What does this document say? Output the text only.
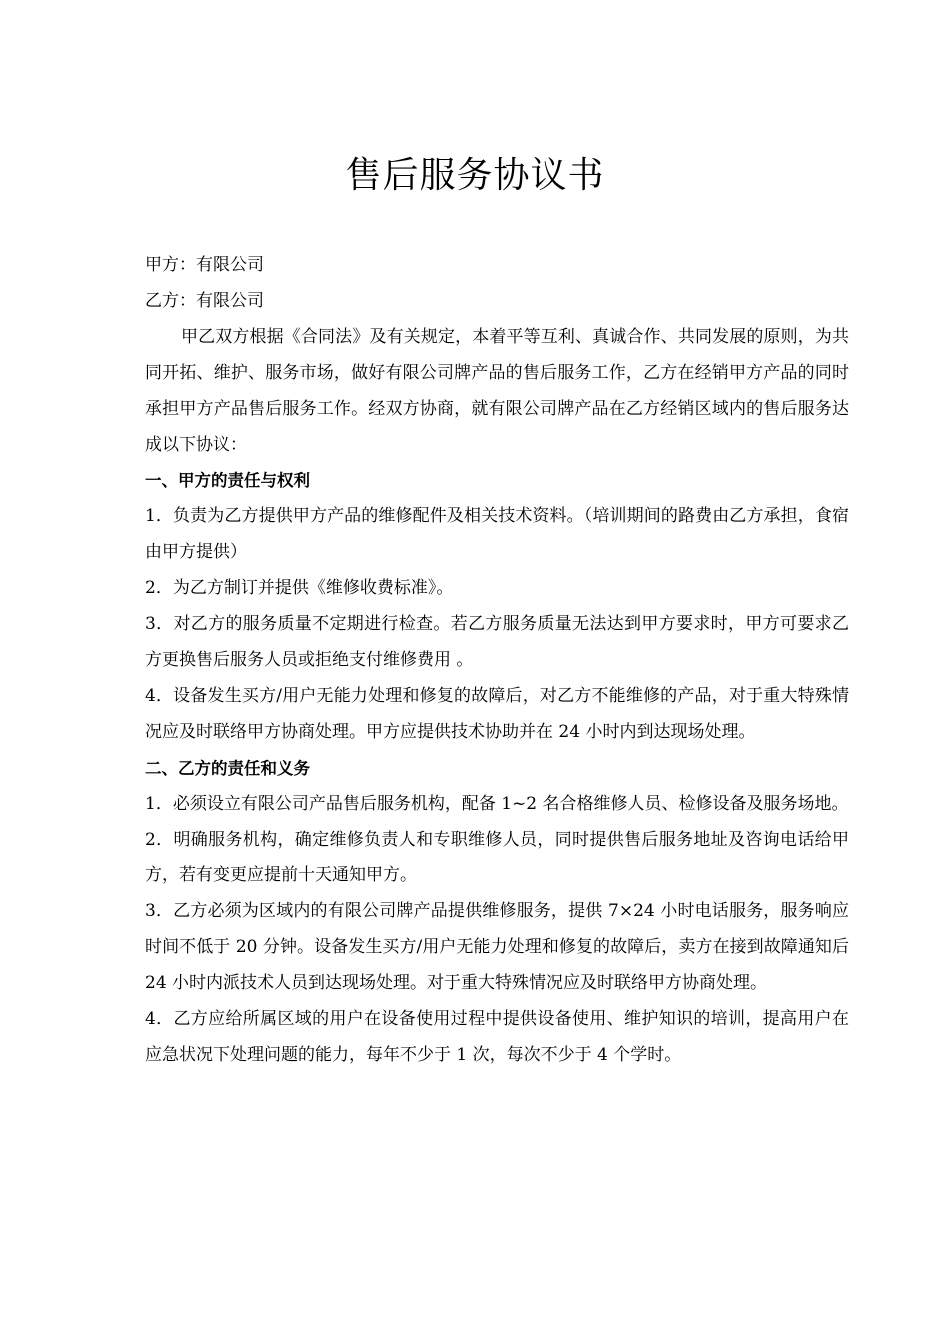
售后服务协议书

甲方：有限公司

乙方：有限公司

甲乙双方根据《合同法》及有关规定，本着平等互利、真诚合作、共同发展的原则，为共同开拓、维护、服务市场，做好有限公司牌产品的售后服务工作，乙方在经销甲方产品的同时承担甲方产品售后服务工作。经双方协商，就有限公司牌产品在乙方经销区域内的售后服务达成以下协议：

一、甲方的责任与权利

1．负责为乙方提供甲方产品的维修配件及相关技术资料。（培训期间的路费由乙方承担，食宿由甲方提供）

2．为乙方制订并提供《维修收费标准》。

3．对乙方的服务质量不定期进行检查。若乙方服务质量无法达到甲方要求时，甲方可要求乙方更换售后服务人员或拒绝支付维修费用 。

4．设备发生买方/用户无能力处理和修复的故障后，对乙方不能维修的产品，对于重大特殊情况应及时联络甲方协商处理。甲方应提供技术协助并在 24 小时内到达现场处理。

二、乙方的责任和义务

1．必须设立有限公司产品售后服务机构，配备 1~2 名合格维修人员、检修设备及服务场地。

2．明确服务机构，确定维修负责人和专职维修人员，同时提供售后服务地址及咨询电话给甲方，若有变更应提前十天通知甲方。

3．乙方必须为区域内的有限公司牌产品提供维修服务，提供 7×24 小时电话服务，服务响应时间不低于 20 分钟。设备发生买方/用户无能力处理和修复的故障后，卖方在接到故障通知后 24 小时内派技术人员到达现场处理。对于重大特殊情况应及时联络甲方协商处理。

4．乙方应给所属区域的用户在设备使用过程中提供设备使用、维护知识的培训，提高用户在应急状况下处理问题的能力，每年不少于 1 次，每次不少于 4 个学时。
